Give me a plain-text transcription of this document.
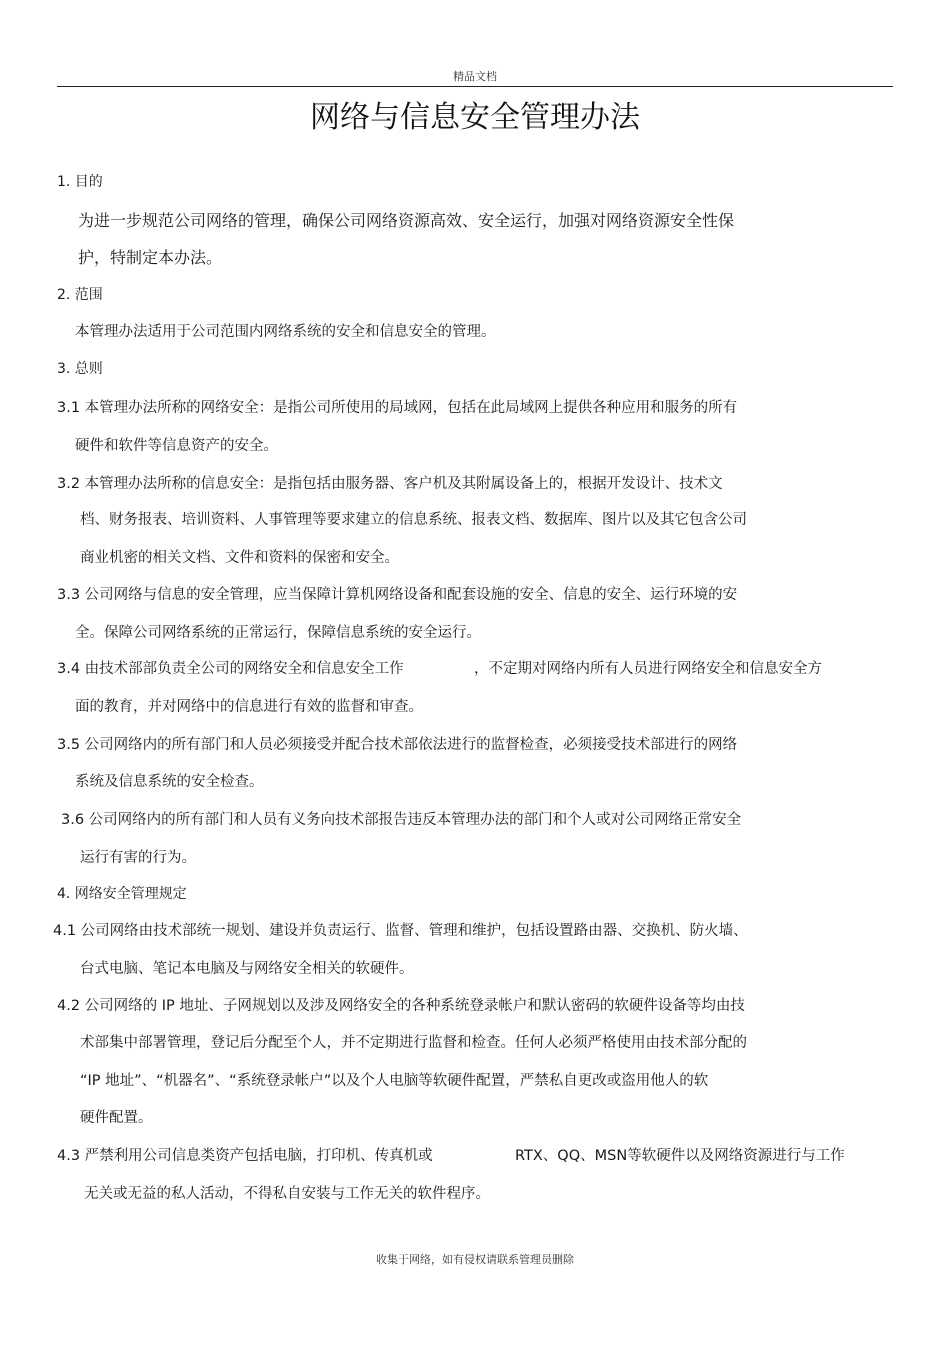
精品文档
网络与信息安全管理办法
1. 目的
为进一步规范公司网络的管理，确保公司网络资源高效、安全运行，加强对网络资源安全性保
护，特制定本办法。
2. 范围
本管理办法适用于公司范围内网络系统的安全和信息安全的管理。
3. 总则
3.1 本管理办法所称的网络安全：是指公司所使用的局域网，包括在此局域网上提供各种应用和服务的所有
硬件和软件等信息资产的安全。
3.2 本管理办法所称的信息安全：是指包括由服务器、客户机及其附属设备上的，根据开发设计、技术文
档、财务报表、培训资料、人事管理等要求建立的信息系统、报表文档、数据库、图片以及其它包含公司
商业机密的相关文档、文件和资料的保密和安全。
3.3 公司网络与信息的安全管理，应当保障计算机网络设备和配套设施的安全、信息的安全、运行环境的安
全。保障公司网络系统的正常运行，保障信息系统的安全运行。
3.4 由技术部部负责全公司的网络安全和信息安全工作	，不定期对网络内所有人员进行网络安全和信息安全方
面的教育，并对网络中的信息进行有效的监督和审查。
3.5 公司网络内的所有部门和人员必须接受并配合技术部依法进行的监督检查，必须接受技术部进行的网络
系统及信息系统的安全检查。
3.6 公司网络内的所有部门和人员有义务向技术部报告违反本管理办法的部门和个人或对公司网络正常安全
运行有害的行为。
4. 网络安全管理规定
4.1 公司网络由技术部统一规划、建设并负责运行、监督、管理和维护，包括设置路由器、交换机、防火墙、
台式电脑、笔记本电脑及与网络安全相关的软硬件。
4.2 公司网络的 IP 地址、子网规划以及涉及网络安全的各种系统登录帐户和默认密码的软硬件设备等均由技
术部集中部署管理，登记后分配至个人，并不定期进行监督和检查。任何人必须严格使用由技术部分配的
“IP 地址”、“机器名”、“系统登录帐户”以及个人电脑等软硬件配置，严禁私自更改或盗用他人的软
硬件配置。
4.3 严禁利用公司信息类资产包括电脑，打印机、传真机或	RTX、QQ、MSN等软硬件以及网络资源进行与工作
无关或无益的私人活动，不得私自安装与工作无关的软件程序。
收集于网络，如有侵权请联系管理员删除
